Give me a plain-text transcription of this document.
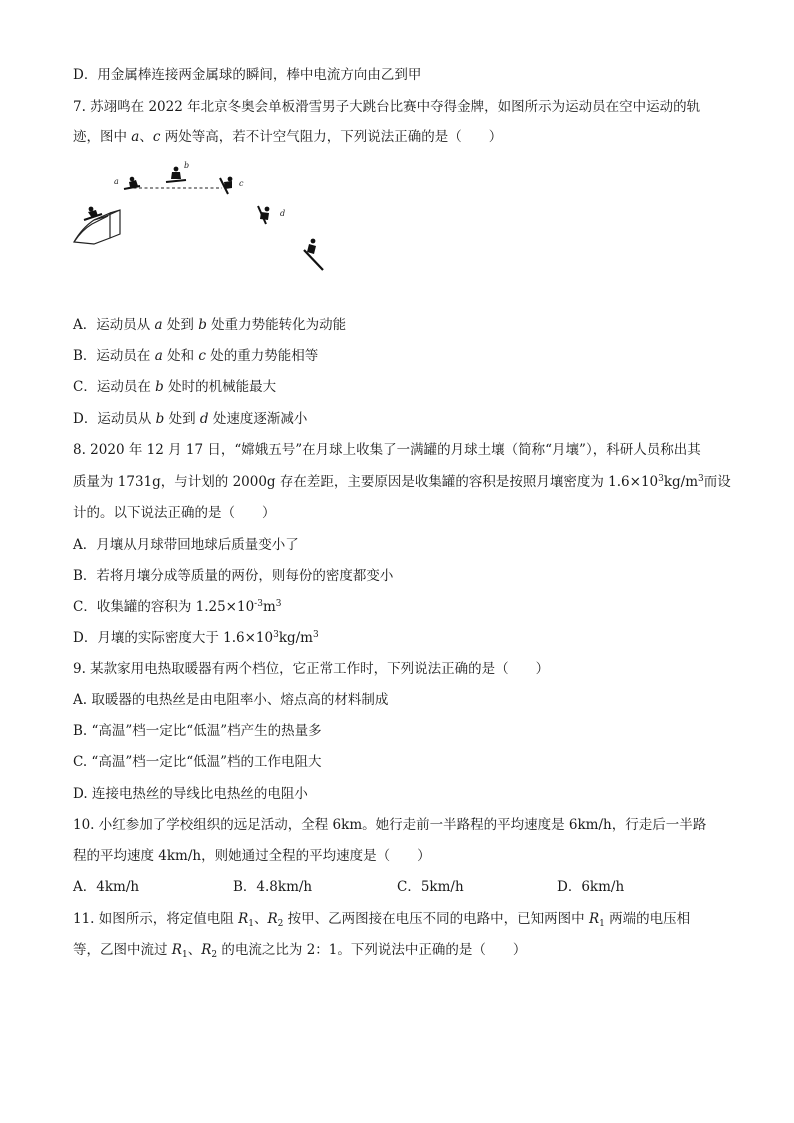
D．用金属棒连接两金属球的瞬间，棒中电流方向由乙到甲
7. 苏翊鸣在 2022 年北京冬奥会单板滑雪男子大跳台比赛中夺得金牌，如图所示为运动员在空中运动的轨
迹，图中 a、c 两处等高，若不计空气阻力，下列说法正确的是（　　）
a
b
c
d
A．运动员从 a 处到 b 处重力势能转化为动能
B．运动员在 a 处和 c 处的重力势能相等
C．运动员在 b 处时的机械能最大
D．运动员从 b 处到 d 处速度逐渐减小
8. 2020 年 12 月 17 日，“嫦娥五号”在月球上收集了一满罐的月球土壤（简称“月壤”），科研人员称出其
质量为 1731g，与计划的 2000g 存在差距，主要原因是收集罐的容积是按照月壤密度为 $1.6\times 10^3kg/m^3$而设
计的。以下说法正确的是（　　）
A．月壤从月球带回地球后质量变小了
B．若将月壤分成等质量的两份，则每份的密度都变小
C．收集罐的容积为 $1.25\times 10^{-3}m^3$
D．月壤的实际密度大于 $1.6\times 10^3kg/m^3$
9. 某款家用电热取暖器有两个档位，它正常工作时，下列说法正确的是（　　）
A. 取暖器的电热丝是由电阻率小、熔点高的材料制成
B. “高温”档一定比“低温”档产生的热量多
C. “高温”档一定比“低温”档的工作电阻大
D. 连接电热丝的导线比电热丝的电阻小
10. 小红参加了学校组织的远足活动，全程 6km。她行走前一半路程的平均速度是 6km/h，行走后一半路
程的平均速度 4km/h，则她通过全程的平均速度是（　　）
A．4km/h	B．4.8km/h	C．5km/h	D．6km/h
11. 如图所示，将定值电阻 $R_1$、$R_2$ 按甲、乙两图接在电压不同的电路中，已知两图中 $R_1$ 两端的电压相
等，乙图中流过 $R_1$、$R_2$ 的电流之比为 2：1。下列说法中正确的是（　　）
